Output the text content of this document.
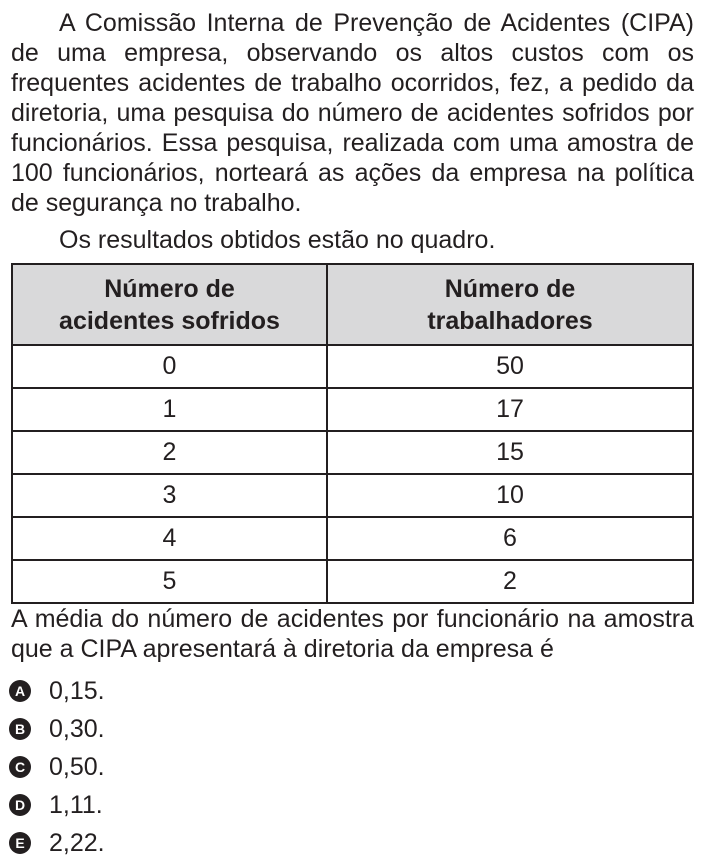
A Comissão Interna de Prevenção de Acidentes (CIPA) de uma empresa, observando os altos custos com os frequentes acidentes de trabalho ocorridos, fez, a pedido da diretoria, uma pesquisa do número de acidentes sofridos por funcionários. Essa pesquisa, realizada com uma amostra de 100 funcionários, norteará as ações da empresa na política de segurança no trabalho.

Os resultados obtidos estão no quadro.

Número de acidentes sofridos	Número de trabalhadores
0	50
1	17
2	15
3	10
4	6
5	2

A média do número de acidentes por funcionário na amostra que a CIPA apresentará à diretoria da empresa é

A 0,15.
B 0,30.
C 0,50.
D 1,11.
E 2,22.
